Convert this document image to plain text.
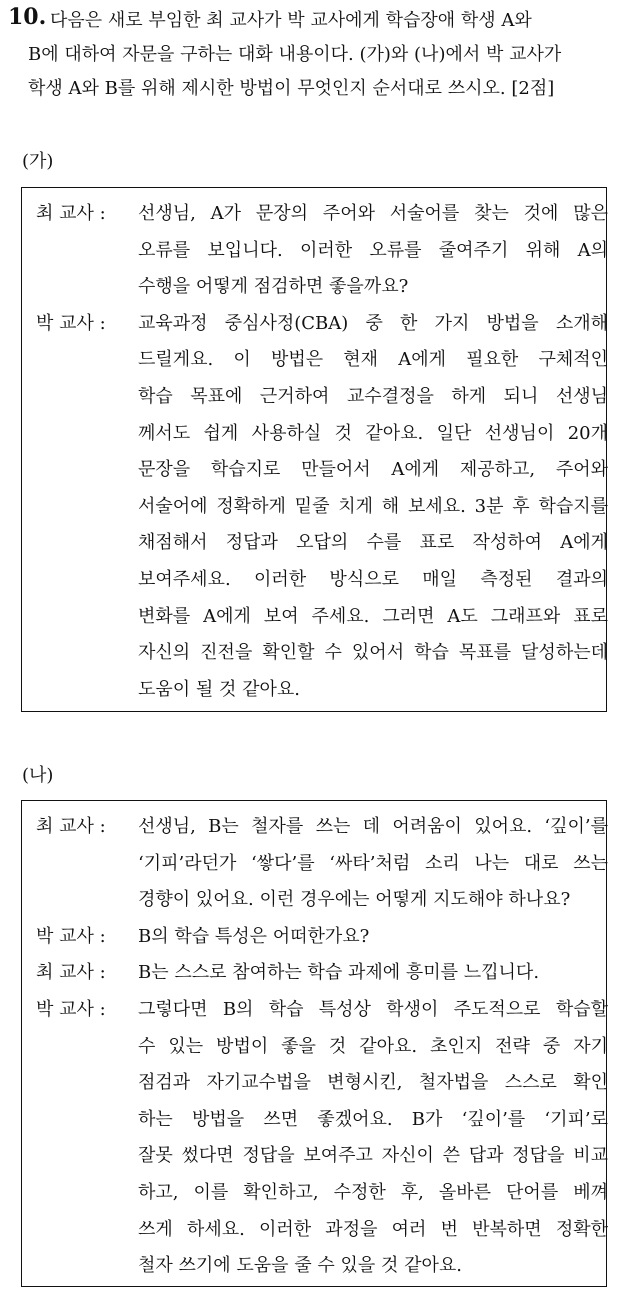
10. 다음은 새로 부임한 최 교사가 박 교사에게 학습장애 학생 A와
B에 대하여 자문을 구하는 대화 내용이다. (가)와 (나)에서 박 교사가
학생 A와 B를 위해 제시한 방법이 무엇인지 순서대로 쓰시오. [2점]
(가)
최 교사 :	선생님, A가 문장의 주어와 서술어를 찾는 것에 많은
오류를 보입니다. 이러한 오류를 줄여주기 위해 A의
수행을 어떻게 점검하면 좋을까요?
박 교사 :	교육과정 중심사정(CBA) 중 한 가지 방법을 소개해
드릴게요. 이 방법은 현재 A에게 필요한 구체적인
학습 목표에 근거하여 교수결정을 하게 되니 선생님
께서도 쉽게 사용하실 것 같아요. 일단 선생님이 20개
문장을 학습지로 만들어서 A에게 제공하고, 주어와
서술어에 정확하게 밑줄 치게 해 보세요. 3분 후 학습지를
채점해서 정답과 오답의 수를 표로 작성하여 A에게
보여주세요. 이러한 방식으로 매일 측정된 결과의
변화를 A에게 보여 주세요. 그러면 A도 그래프와 표로
자신의 진전을 확인할 수 있어서 학습 목표를 달성하는데
도움이 될 것 같아요.
(나)
최 교사 :	선생님, B는 철자를 쓰는 데 어려움이 있어요. ‘깊이’를
‘기피’라던가 ‘쌓다’를 ‘싸타’처럼 소리 나는 대로 쓰는
경향이 있어요. 이런 경우에는 어떻게 지도해야 하나요?
박 교사 :	B의 학습 특성은 어떠한가요?
최 교사 :	B는 스스로 참여하는 학습 과제에 흥미를 느낍니다.
박 교사 :	그렇다면 B의 학습 특성상 학생이 주도적으로 학습할
수 있는 방법이 좋을 것 같아요. 초인지 전략 중 자기
점검과 자기교수법을 변형시킨, 철자법을 스스로 확인
하는 방법을 쓰면 좋겠어요. B가 ‘깊이’를 ‘기피’로
잘못 썼다면 정답을 보여주고 자신이 쓴 답과 정답을 비교
하고, 이를 확인하고, 수정한 후, 올바른 단어를 베껴
쓰게 하세요. 이러한 과정을 여러 번 반복하면 정확한
철자 쓰기에 도움을 줄 수 있을 것 같아요.
